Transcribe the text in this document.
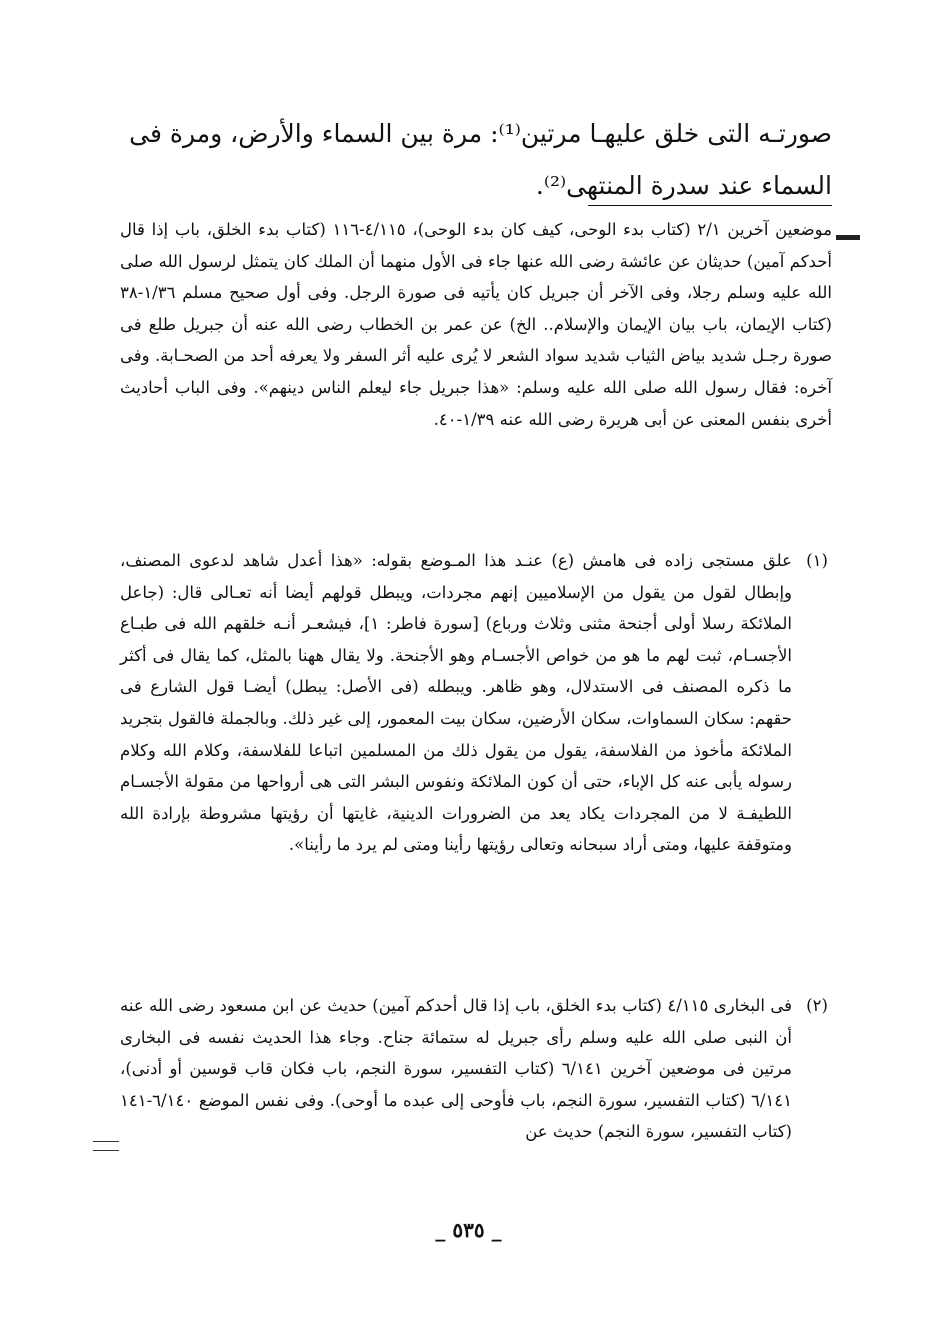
صورتـه التى خلق عليهـا مرتين⁽¹⁾: مرة بين السماء والأرض، ومرة فى

السماء عند سدرة المنتهى⁽²⁾.

موضعين آخرين ٢/١ (كتاب بدء الوحى، كيف كان بدء الوحى)، ٤/١١٥-١١٦ (كتاب بدء الخلق، باب إذا قال أحدكم آمين) حديثان عن عائشة رضى الله عنها جاء فى الأول منهما أن الملك كان يتمثل لرسول الله صلى الله عليه وسلم رجلا، وفى الآخر أن جبريل كان يأتيه فى صورة الرجل. وفى أول صحيح مسلم ١/٣٦-٣٨ (كتاب الإيمان، باب بيان الإيمان والإسلام.. الخ) عن عمر بن الخطاب رضى الله عنه أن جبريل طلع فى صورة رجـل شديد بياض الثياب شديد سواد الشعر لا يُرى عليه أثر السفر ولا يعرفه أحد من الصحـابة. وفى آخره: فقال رسول الله صلى الله عليه وسلم: «هذا جبريل جاء ليعلم الناس دينهم». وفى الباب أحاديث أخرى بنفس المعنى عن أبى هريرة رضى الله عنه ١/٣٩-٤٠.

(١)

علق مستجى زاده فى هامش (ع) عنـد هذا المـوضع بقوله: «هذا أعدل شاهد لدعوى المصنف، وإبطال لقول من يقول من الإسلاميين إنهم مجردات، ويبطل قولهم أيضا أنه تعـالى قال: (جاعل الملائكة رسلا أولى أجنحة مثنى وثلاث ورباع) [سورة فاطر: ١]، فيشعـر أنـه خلقهم الله فى طبـاع الأجسـام، ثبت لهم ما هو من خواص الأجسـام وهو الأجنحة. ولا يقال ههنا بالمثل، كما يقال فى أكثر ما ذكره المصنف فى الاستدلال، وهو ظاهر. ويبطله (فى الأصل: يبطل) أيضـا قول الشارع فى حقهم: سكان السماوات، سكان الأرضين، سكان بيت المعمور، إلى غير ذلك. وبالجملة فالقول بتجريد الملائكة مأخوذ من الفلاسفة، يقول من يقول ذلك من المسلمين اتباعا للفلاسفة، وكلام الله وكلام رسوله يأبى عنه كل الإباء، حتى أن كون الملائكة ونفوس البشر التى هى أرواحها من مقولة الأجسـام اللطيفـة لا من المجردات يكاد يعد من الضرورات الدينية، غايتها أن رؤيتها مشروطة بإرادة الله ومتوقفة عليها، ومتى أراد سبحانه وتعالى رؤيتها رأينا ومتى لم يرد ما رأينا».

(٢)

فى البخارى ٤/١١٥ (كتاب بدء الخلق، باب إذا قال أحدكم آمين) حديث عن ابن مسعود رضى الله عنه أن النبى صلى الله عليه وسلم رأى جبريل له ستمائة جناح. وجاء هذا الحديث نفسه فى البخارى مرتين فى موضعين آخرين ٦/١٤١ (كتاب التفسير، سورة النجم، باب فكان قاب قوسين أو أدنى)، ٦/١٤١ (كتاب التفسير، سورة النجم، باب فأوحى إلى عبده ما أوحى). وفى نفس الموضع ٦/١٤٠-١٤١ (كتاب التفسير، سورة النجم) حديث عن

_ ٥٣٥ _
